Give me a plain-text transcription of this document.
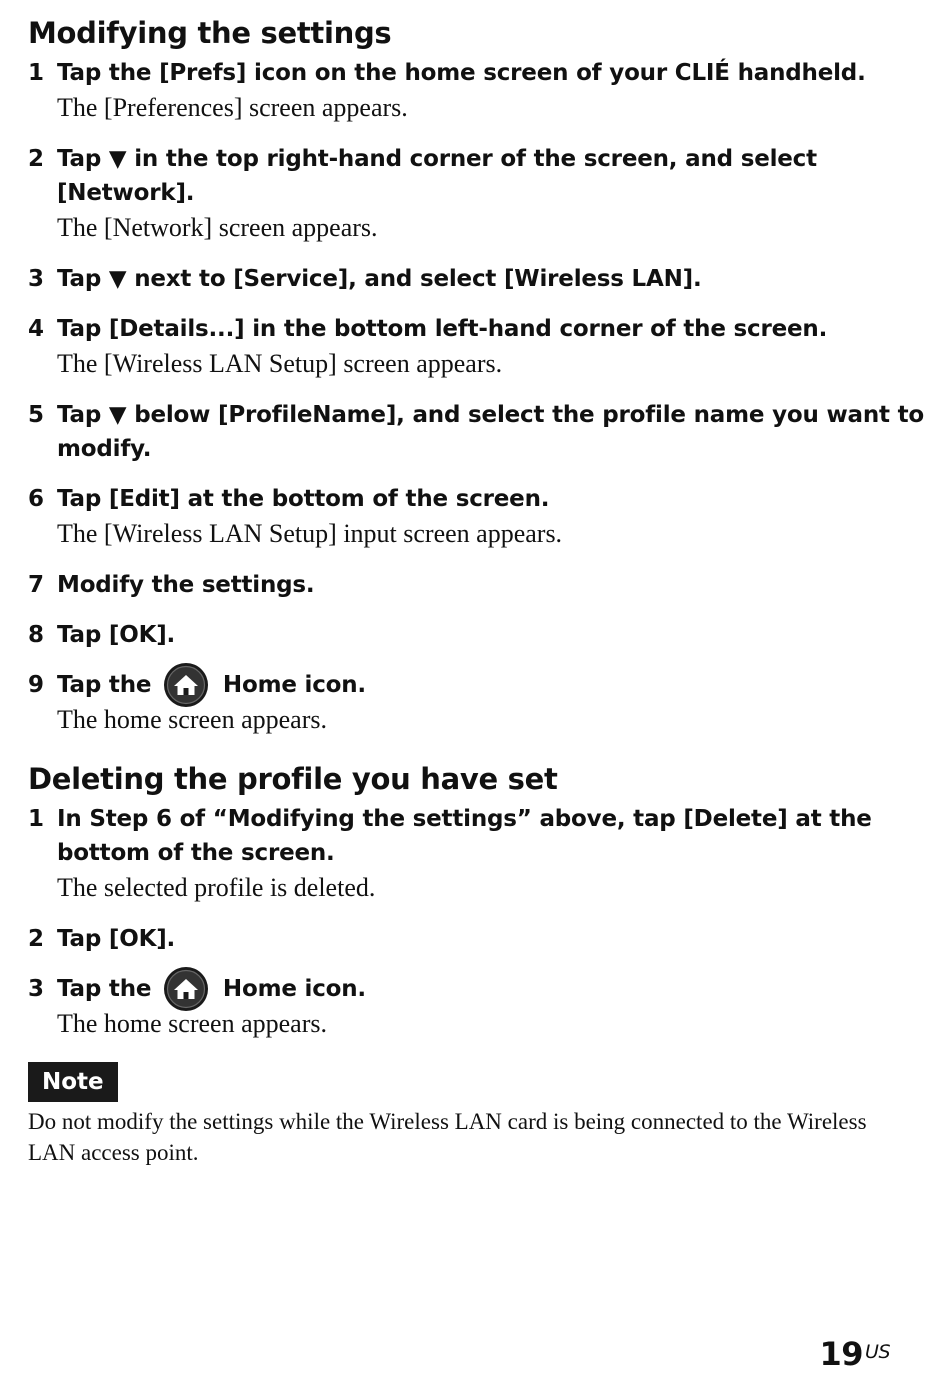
Modifying the settings
1 Tap the [Prefs] icon on the home screen of your CLIÉ handheld.
The [Preferences] screen appears.
2 Tap ▼ in the top right-hand corner of the screen, and select [Network].
The [Network] screen appears.
3 Tap ▼ next to [Service], and select [Wireless LAN].
4 Tap [Details...] in the bottom left-hand corner of the screen.
The [Wireless LAN Setup] screen appears.
5 Tap ▼ below [ProfileName], and select the profile name you want to modify.
6 Tap [Edit] at the bottom of the screen.
The [Wireless LAN Setup] input screen appears.
7 Modify the settings.
8 Tap [OK].
9 Tap the	Home icon.
The home screen appears.
Deleting the profile you have set
1 In Step 6 of “Modifying the settings” above, tap [Delete] at the bottom of the screen.
The selected profile is deleted.
2 Tap [OK].
3 Tap the	Home icon.
The home screen appears.
Note
Do not modify the settings while the Wireless LAN card is being connected to the Wireless LAN access point.
19 $^{US}$
